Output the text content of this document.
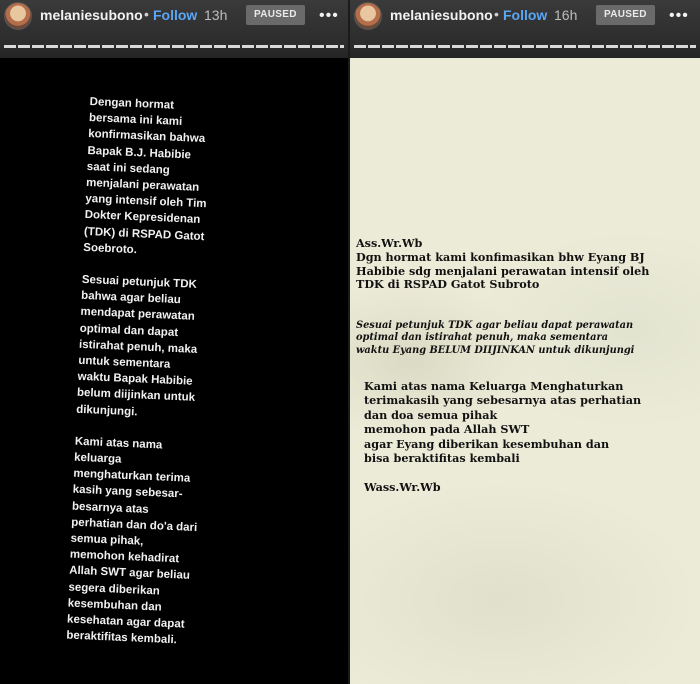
melaniesubono • Follow 13h	PAUSED	•••

Dengan hormat
bersama ini kami
konfirmasikan bahwa
Bapak B.J. Habibie
saat ini sedang
menjalani perawatan
yang intensif oleh Tim
Dokter Kepresidenan
(TDK) di RSPAD Gatot
Soebroto.

Sesuai petunjuk TDK
bahwa agar beliau
mendapat perawatan
optimal dan dapat
istirahat penuh, maka
untuk sementara
waktu Bapak Habibie
belum diijinkan untuk
dikunjungi.

Kami atas nama
keluarga
menghaturkan terima
kasih yang sebesar-
besarnya atas
perhatian dan do'a dari
semua pihak,
memohon kehadirat
Allah SWT agar beliau
segera diberikan
kesembuhan dan
kesehatan agar dapat
beraktifitas kembali.

melaniesubono • Follow 16h	PAUSED	•••

Ass.Wr.Wb
Dgn hormat kami konfimasikan bhw Eyang BJ
Habibie sdg menjalani perawatan intensif oleh
TDK di RSPAD Gatot Subroto

Sesuai petunjuk TDK agar beliau dapat perawatan
optimal dan istirahat penuh, maka sementara
waktu Eyang BELUM DIIJINKAN untuk dikunjungi

Kami atas nama Keluarga Menghaturkan
terimakasih yang sebesarnya atas perhatian
dan doa semua pihak
memohon pada Allah SWT
agar Eyang diberikan kesembuhan dan
bisa beraktifitas kembali

Wass.Wr.Wb
